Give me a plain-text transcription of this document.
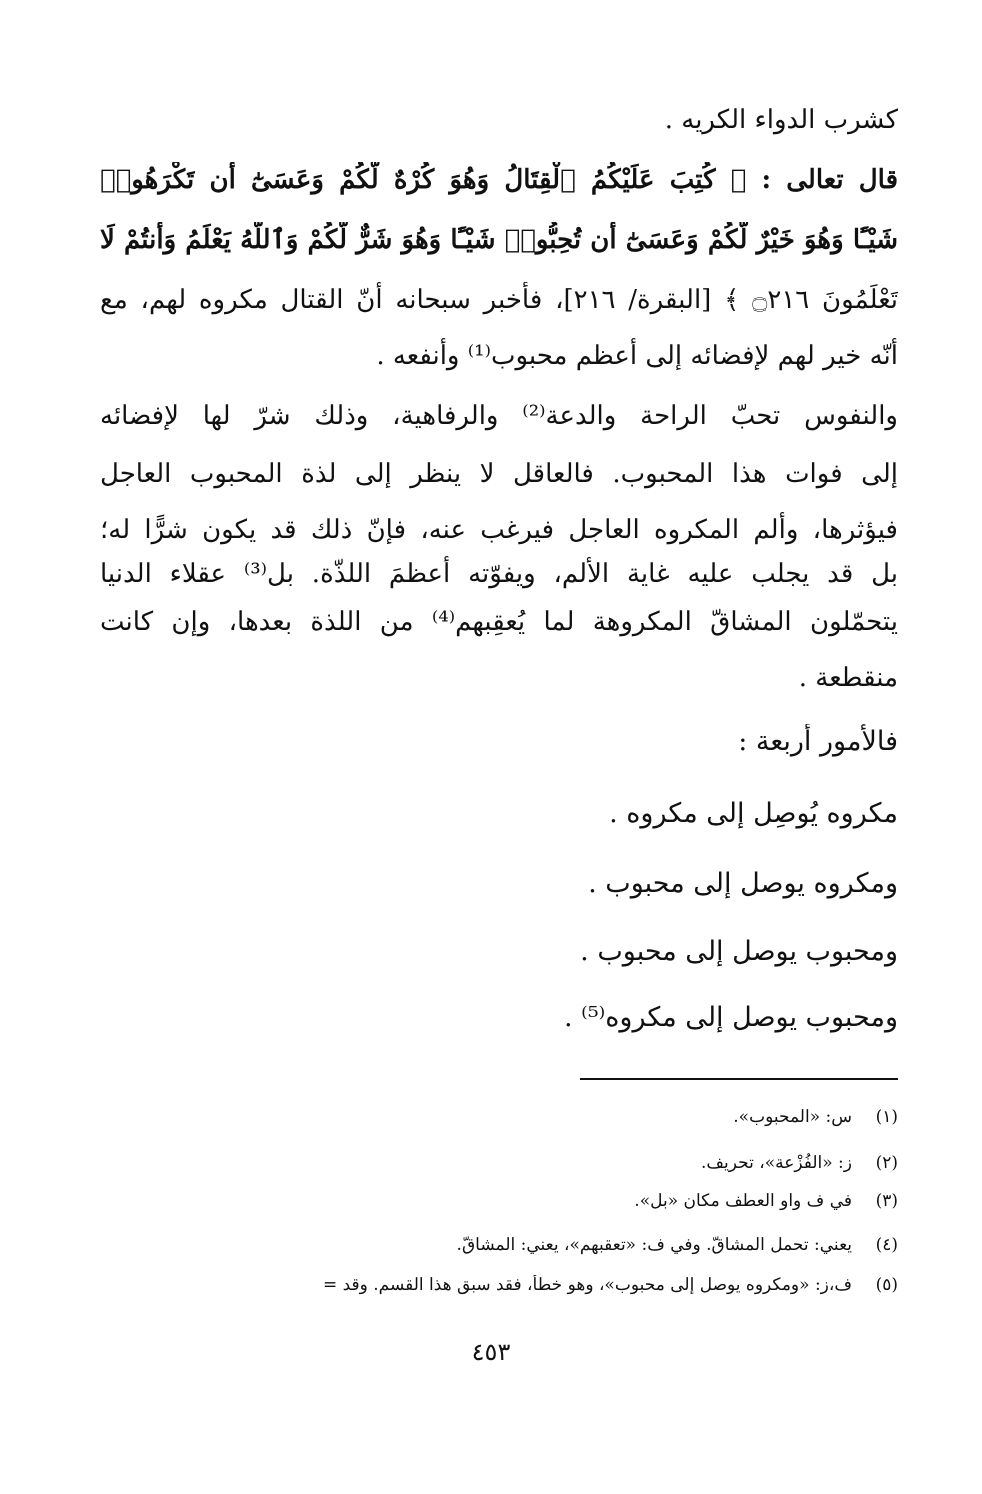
كشرب الدواء الكريه .
قال تعالى : ﴿ كُتِبَ عَلَيْكُمُ ٱلْقِتَالُ وَهُوَ كُرْهٌ لَّكُمْ وَعَسَىٰٓ أَن تَكْرَهُوا۟
شَيْـًٔا وَهُوَ خَيْرٌ لَّكُمْ وَعَسَىٰٓ أَن تُحِبُّوا۟ شَيْـًٔا وَهُوَ شَرٌّ لَّكُمْ وَٱللَّهُ يَعْلَمُ وَأَنتُمْ لَا
تَعْلَمُونَ ۝٢١٦ ﴾ [البقرة/ ٢١٦]، فأخبر سبحانه أنّ القتال مكروه لهم، مع
أنّه خير لهم لإفضائه إلى أعظم محبوب⁽¹⁾ وأنفعه .
والنفوس تحبّ الراحة والدعة⁽²⁾ والرفاهية، وذلك شرّ لها لإفضائه
إلى فوات هذا المحبوب. فالعاقل لا ينظر إلى لذة المحبوب العاجل
فيؤثرها، وألم المكروه العاجل فيرغب عنه، فإنّ ذلك قد يكون شرًّا له؛
بل قد يجلب عليه غاية الألم، ويفوّته أعظمَ اللذّة. بل⁽³⁾ عقلاء الدنيا
يتحمّلون المشاقّ المكروهة لما يُعقِبهم⁽⁴⁾ من اللذة بعدها، وإن كانت
منقطعة .
فالأمور أربعة :
مكروه يُوصِل إلى مكروه .
ومكروه يوصل إلى محبوب .
ومحبوب يوصل إلى محبوب .
ومحبوب يوصل إلى مكروه⁽⁵⁾ .
(١)
س: «المحبوب».
(٢)
ز: «الفُزْعة»، تحريف.
(٣)
في ف واو العطف مكان «بل».
(٤)
يعني: تحمل المشاقّ. وفي ف: «تعقبهم»، يعني: المشاقّ.
(٥)
ف،ز: «ومكروه يوصل إلى محبوب»، وهو خطأ، فقد سبق هذا القسم. وقد =
٤٥٣
